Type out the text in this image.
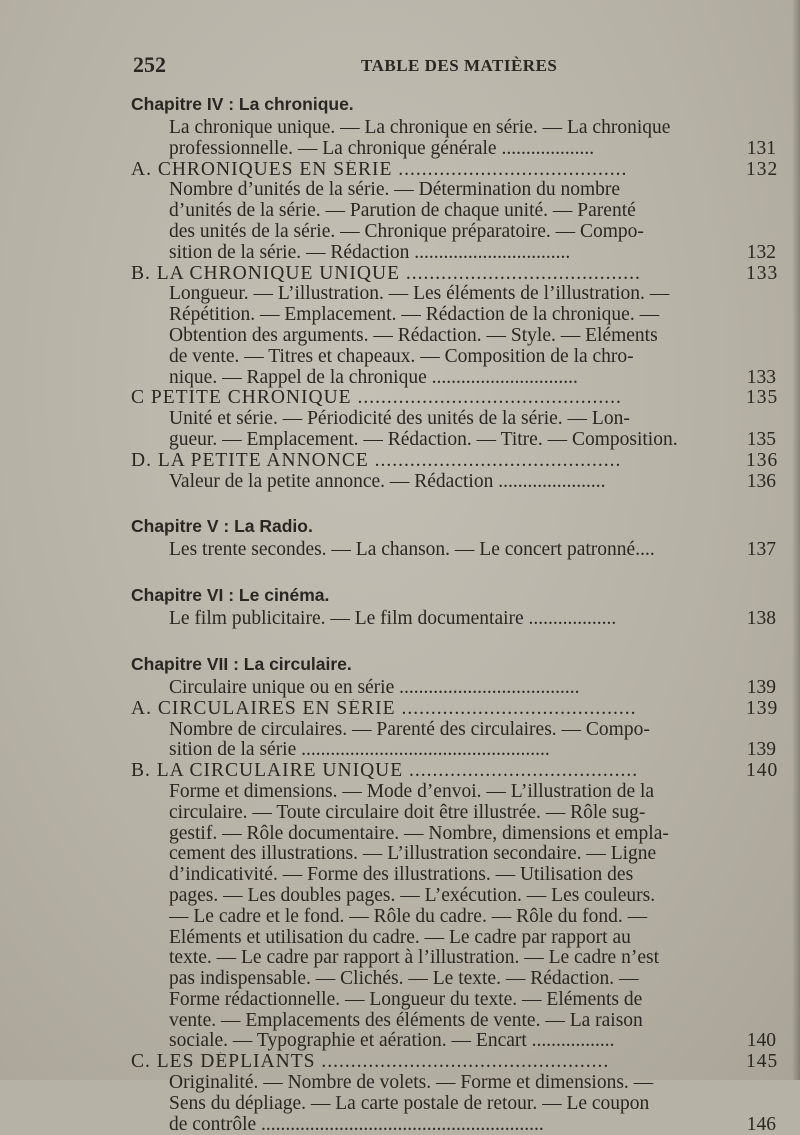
252	TABLE DES MATIÈRES
Chapitre IV : La chronique.
La chronique unique. — La chronique en série. — La chronique
professionnelle. — La chronique générale ...................	131
A. CHRONIQUES EN SÉRIE .......................................	132
Nombre d’unités de la série. — Détermination du nombre
d’unités de la série. — Parution de chaque unité. — Parenté
des unités de la série. — Chronique préparatoire. — Compo-
sition de la série. — Rédaction ................................	132
B. LA CHRONIQUE UNIQUE ........................................	133
Longueur. — L’illustration. — Les éléments de l’illustration. —
Répétition. — Emplacement. — Rédaction de la chronique. —
Obtention des arguments. — Rédaction. — Style. — Eléments
de vente. — Titres et chapeaux. — Composition de la chro-
nique. — Rappel de la chronique ..............................	133
C PETITE CHRONIQUE .............................................	135
Unité et série. — Périodicité des unités de la série. — Lon-
gueur. — Emplacement. — Rédaction. — Titre. — Composition.	135
D. LA PETITE ANNONCE ..........................................	136
Valeur de la petite annonce. — Rédaction ......................	136
Chapitre V : La Radio.
Les trente secondes. — La chanson. — Le concert patronné....	137
Chapitre VI : Le cinéma.
Le film publicitaire. — Le film documentaire ..................	138
Chapitre VII : La circulaire.
Circulaire unique ou en série .....................................	139
A. CIRCULAIRES EN SÉRIE ........................................	139
Nombre de circulaires. — Parenté des circulaires. — Compo-
sition de la série ...................................................	139
B. LA CIRCULAIRE UNIQUE .......................................	140
Forme et dimensions. — Mode d’envoi. — L’illustration de la
circulaire. — Toute circulaire doit être illustrée. — Rôle sug-
gestif. — Rôle documentaire. — Nombre, dimensions et empla-
cement des illustrations. — L’illustration secondaire. — Ligne
d’indicativité. — Forme des illustrations. — Utilisation des
pages. — Les doubles pages. — L’exécution. — Les couleurs.
— Le cadre et le fond. — Rôle du cadre. — Rôle du fond. —
Eléments et utilisation du cadre. — Le cadre par rapport au
texte. — Le cadre par rapport à l’illustration. — Le cadre n’est
pas indispensable. — Clichés. — Le texte. — Rédaction. —
Forme rédactionnelle. — Longueur du texte. — Eléments de
vente. — Emplacements des éléments de vente. — La raison
sociale. — Typographie et aération. — Encart .................	140
C. LES DÉPLIANTS .................................................	145
Originalité. — Nombre de volets. — Forme et dimensions. —
Sens du dépliage. — La carte postale de retour. — Le coupon
de contrôle ..........................................................	146
